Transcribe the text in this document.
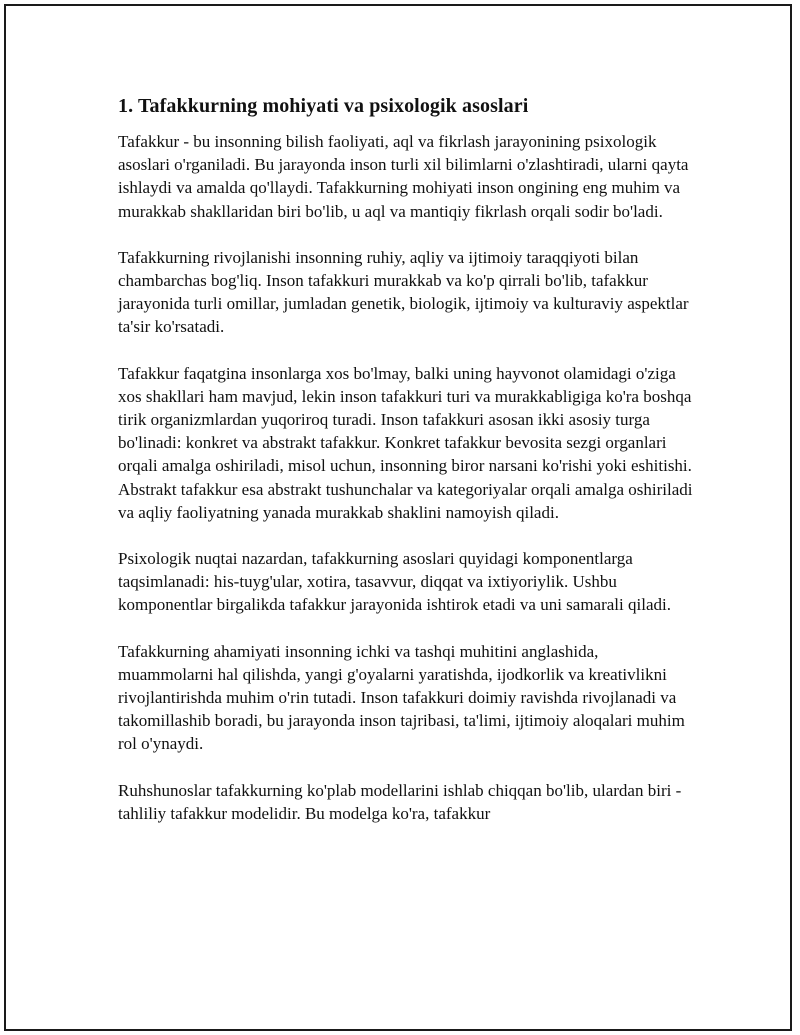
1. Tafakkurning mohiyati va psixologik asoslari

Tafakkur - bu insonning bilish faoliyati, aql va fikrlash jarayonining psixologik asoslari o'rganiladi. Bu jarayonda inson turli xil bilimlarni o'zlashtiradi, ularni qayta ishlaydi va amalda qo'llaydi. Tafakkurning mohiyati inson ongining eng muhim va murakkab shakllaridan biri bo'lib, u aql va mantiqiy fikrlash orqali sodir bo'ladi.

Tafakkurning rivojlanishi insonning ruhiy, aqliy va ijtimoiy taraqqiyoti bilan chambarchas bog'liq. Inson tafakkuri murakkab va ko'p qirrali bo'lib, tafakkur jarayonida turli omillar, jumladan genetik, biologik, ijtimoiy va kulturaviy aspektlar ta'sir ko'rsatadi.

Tafakkur faqatgina insonlarga xos bo'lmay, balki uning hayvonot olamidagi o'ziga xos shakllari ham mavjud, lekin inson tafakkuri turi va murakkabligiga ko'ra boshqa tirik organizmlardan yuqoriroq turadi. Inson tafakkuri asosan ikki asosiy turga bo'linadi: konkret va abstrakt tafakkur. Konkret tafakkur bevosita sezgi organlari orqali amalga oshiriladi, misol uchun, insonning biror narsani ko'rishi yoki eshitishi. Abstrakt tafakkur esa abstrakt tushunchalar va kategoriyalar orqali amalga oshiriladi va aqliy faoliyatning yanada murakkab shaklini namoyish qiladi.

Psixologik nuqtai nazardan, tafakkurning asoslari quyidagi komponentlarga taqsimlanadi: his-tuyg'ular, xotira, tasavvur, diqqat va ixtiyoriylik. Ushbu komponentlar birgalikda tafakkur jarayonida ishtirok etadi va uni samarali qiladi.

Tafakkurning ahamiyati insonning ichki va tashqi muhitini anglashida, muammolarni hal qilishda, yangi g'oyalarni yaratishda, ijodkorlik va kreativlikni rivojlantirishda muhim o'rin tutadi. Inson tafakkuri doimiy ravishda rivojlanadi va takomillashib boradi, bu jarayonda inson tajribasi, ta'limi, ijtimoiy aloqalari muhim rol o'ynaydi.

Ruhshunoslar tafakkurning ko'plab modellarini ishlab chiqqan bo'lib, ulardan biri - tahliliy tafakkur modelidir. Bu modelga ko'ra, tafakkur
